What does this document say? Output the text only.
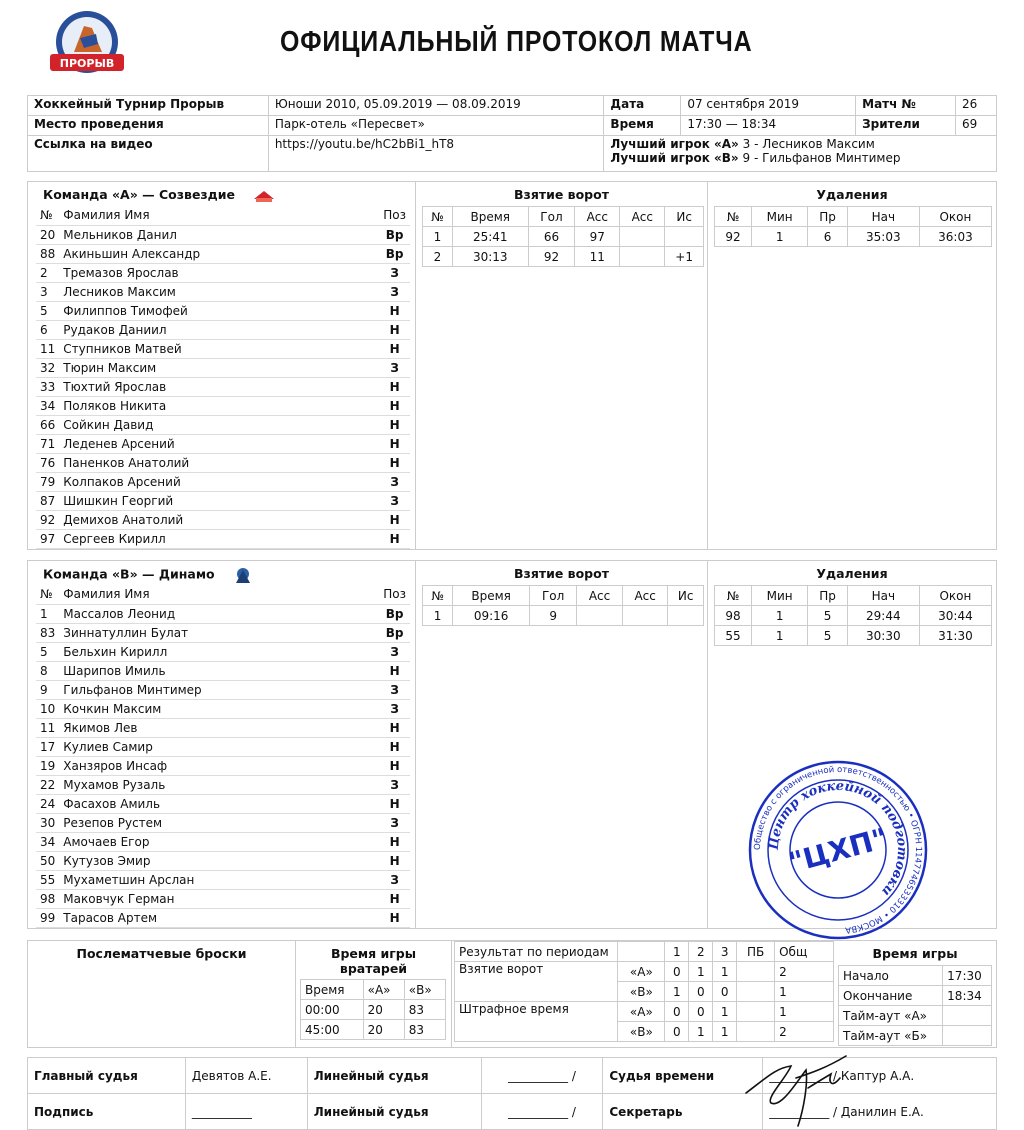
ПРОРЫВ
ОФИЦИАЛЬНЫЙ ПРОТОКОЛ МАТЧА
Хоккейный Турнир Прорыв	Юноши 2010, 05.09.2019 — 08.09.2019	Дата	07 сентября 2019	Матч №	26
Место проведения	Парк-отель «Пересвет»	Время	17:30 — 18:34	Зрители	69
Ссылка на видео	https://youtu.be/hC2bBi1_hT8	Лучший игрок «А» 3 - Лесников Максим
Лучший игрок «В» 9 - Гильфанов Минтимер			
Команда «А» — Созвездие
№	Фамилия Имя	Поз
20	Мельников Данил	Вр
88	Акиньшин Александр	Вр
2	Тремазов Ярослав	З
3	Лесников Максим	З
5	Филиппов Тимофей	Н
6	Рудаков Даниил	Н
11	Ступников Матвей	Н
32	Тюрин Максим	З
33	Тюхтий Ярослав	Н
34	Поляков Никита	Н
66	Сойкин Давид	Н
71	Леденев Арсений	Н
76	Паненков Анатолий	Н
79	Колпаков Арсений	З
87	Шишкин Георгий	З
92	Демихов Анатолий	Н
97	Сергеев Кирилл	Н
Взятие ворот
№	Время	Гол	Асс	Асс	Ис
1	25:41	66	97		
2	30:13	92	11		+1
Удаления
№	Мин	Пр	Нач	Окон
92	1	6	35:03	36:03
Команда «В» — Динамо
№	Фамилия Имя	Поз
1	Массалов Леонид	Вр
83	Зиннатуллин Булат	Вр
5	Бельхин Кирилл	З
8	Шарипов Имиль	Н
9	Гильфанов Минтимер	З
10	Кочкин Максим	З
11	Якимов Лев	Н
17	Кулиев Самир	Н
19	Ханзяров Инсаф	Н
22	Мухамов Рузаль	З
24	Фасахов Амиль	Н
30	Резепов Рустем	З
34	Амочаев Егор	Н
50	Кутузов Эмир	Н
55	Мухаметшин Арслан	З
98	Маковчук Герман	Н
99	Тарасов Артем	Н
Взятие ворот
№	Время	Гол	Асс	Асс	Ис
1	09:16	9			
Удаления
№	Мин	Пр	Нач	Окон
98	1	5	29:44	30:44
55	1	5	30:30	31:30
Общество с ограниченной ответственностью • ОГРН 1147746533310 • МОСКВА
Центр хоккейной подготовки
"ЦХП"
Послематчевые броски	Время игры вратарей
Время	«А»	«В»
00:00	20	83
45:00	20	83
Результат по периодам		1	2	3	ПБ	Общ
Взятие ворот	«А»	0	1	1		2
	«В»	1	0	0		1
Штрафное время	«А»	0	0	1		1
	«В»	0	1	1		2
Время игры
Начало	17:30
Окончание	18:34
Тайм-аут «А»	
Тайм-аут «Б»	
Главный судья	Девятов А.Е.	Линейный судья	__________ /	Судья времени	__________ / Каптур А.А.
Подпись	__________	Линейный судья	__________ /	Секретарь	__________ / Данилин Е.А.
